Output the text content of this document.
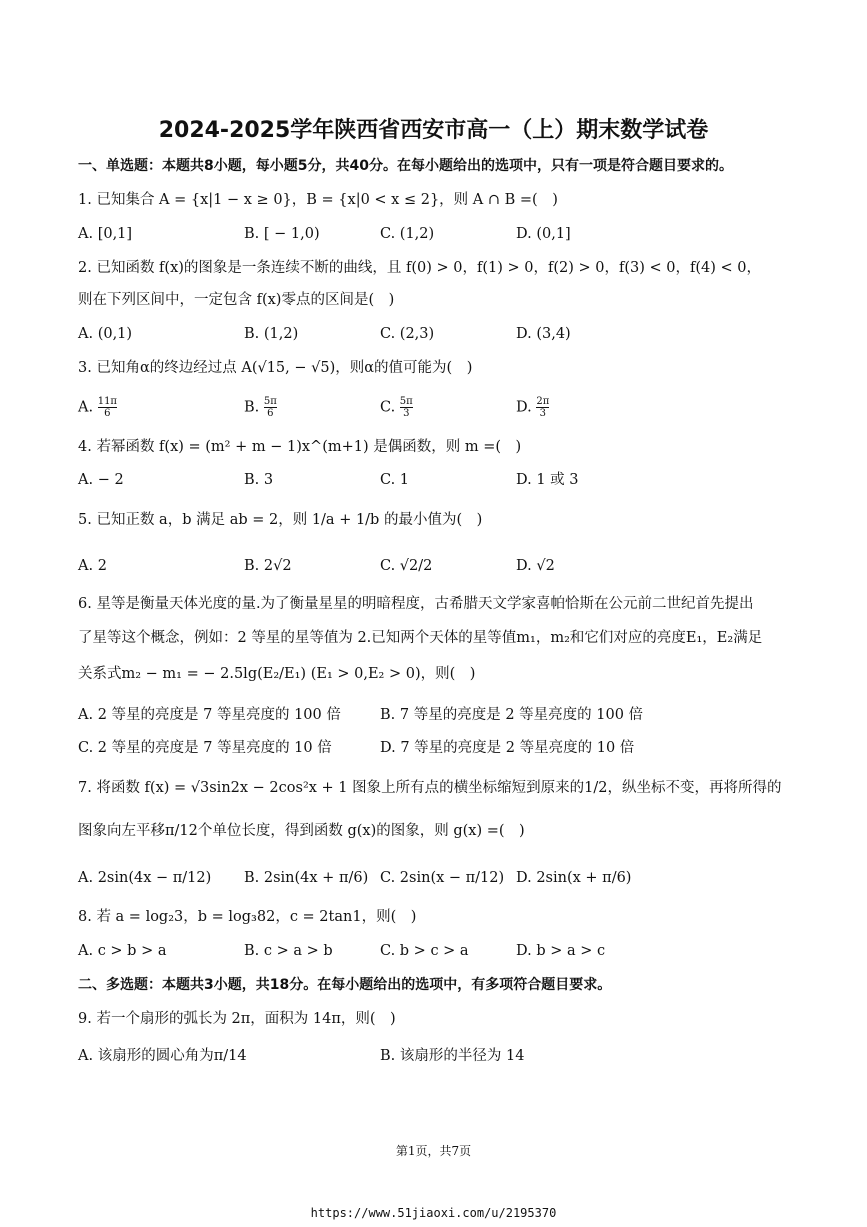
2024-2025学年陕西省西安市高一（上）期末数学试卷
一、单选题：本题共8小题，每小题5分，共40分。在每小题给出的选项中，只有一项是符合题目要求的。
1. 已知集合 A = {x|1 − x ≥ 0}，B = {x|0 < x ≤ 2}，则 A ∩ B =(　)
A. [0,1]	B. [ − 1,0)	C. (1,2)	D. (0,1]
2. 已知函数 f(x)的图象是一条连续不断的曲线，且 f(0) > 0，f(1) > 0，f(2) > 0，f(3) < 0，f(4) < 0，
则在下列区间中，一定包含 f(x)零点的区间是(　)
A. (0,1)	B. (1,2)	C. (2,3)	D. (3,4)
3. 已知角α的终边经过点 A(√15, − √5)，则α的值可能为(　)
A. $\frac{11\pi}{6}$	B. $\frac{5\pi}{6}$	C. $\frac{5\pi}{3}$	D. $\frac{2\pi}{3}$
4. 若幂函数 f(x) = (m² + m − 1)x^(m+1) 是偶函数，则 m =(　)
A. − 2	B. 3	C. 1	D. 1 或 3
5. 已知正数 a，b 满足 ab = 2，则 1/a + 1/b 的最小值为(　)
A. 2	B. 2√2	C. √2/2	D. √2
6. 星等是衡量天体光度的量.为了衡量星星的明暗程度，古希腊天文学家喜帕恰斯在公元前二世纪首先提出
了星等这个概念，例如：2 等星的星等值为 2.已知两个天体的星等值m₁，m₂和它们对应的亮度E₁，E₂满足
关系式m₂ − m₁ = − 2.5lg(E₂/E₁) (E₁ > 0,E₂ > 0)，则(　)
A. 2 等星的亮度是 7 等星亮度的 100 倍	B. 7 等星的亮度是 2 等星亮度的 100 倍
C. 2 等星的亮度是 7 等星亮度的 10 倍	D. 7 等星的亮度是 2 等星亮度的 10 倍
7. 将函数 f(x) = √3sin2x − 2cos²x + 1 图象上所有点的横坐标缩短到原来的1/2，纵坐标不变，再将所得的
图象向左平移π/12个单位长度，得到函数 g(x)的图象，则 g(x) =(　)
A. 2sin(4x − π/12) B. 2sin(4x + π/6) C. 2sin(x − π/12) D. 2sin(x + π/6)
8. 若 a = log₂3，b = log₃82，c = 2tan1，则(　)
A. c > b > a	B. c > a > b	C. b > c > a	D. b > a > c
二、多选题：本题共3小题，共18分。在每小题给出的选项中，有多项符合题目要求。
9. 若一个扇形的弧长为 2π，面积为 14π，则(　)
A. 该扇形的圆心角为π/14	B. 该扇形的半径为 14
第1页，共7页
https://www.51jiaoxi.com/u/2195370
